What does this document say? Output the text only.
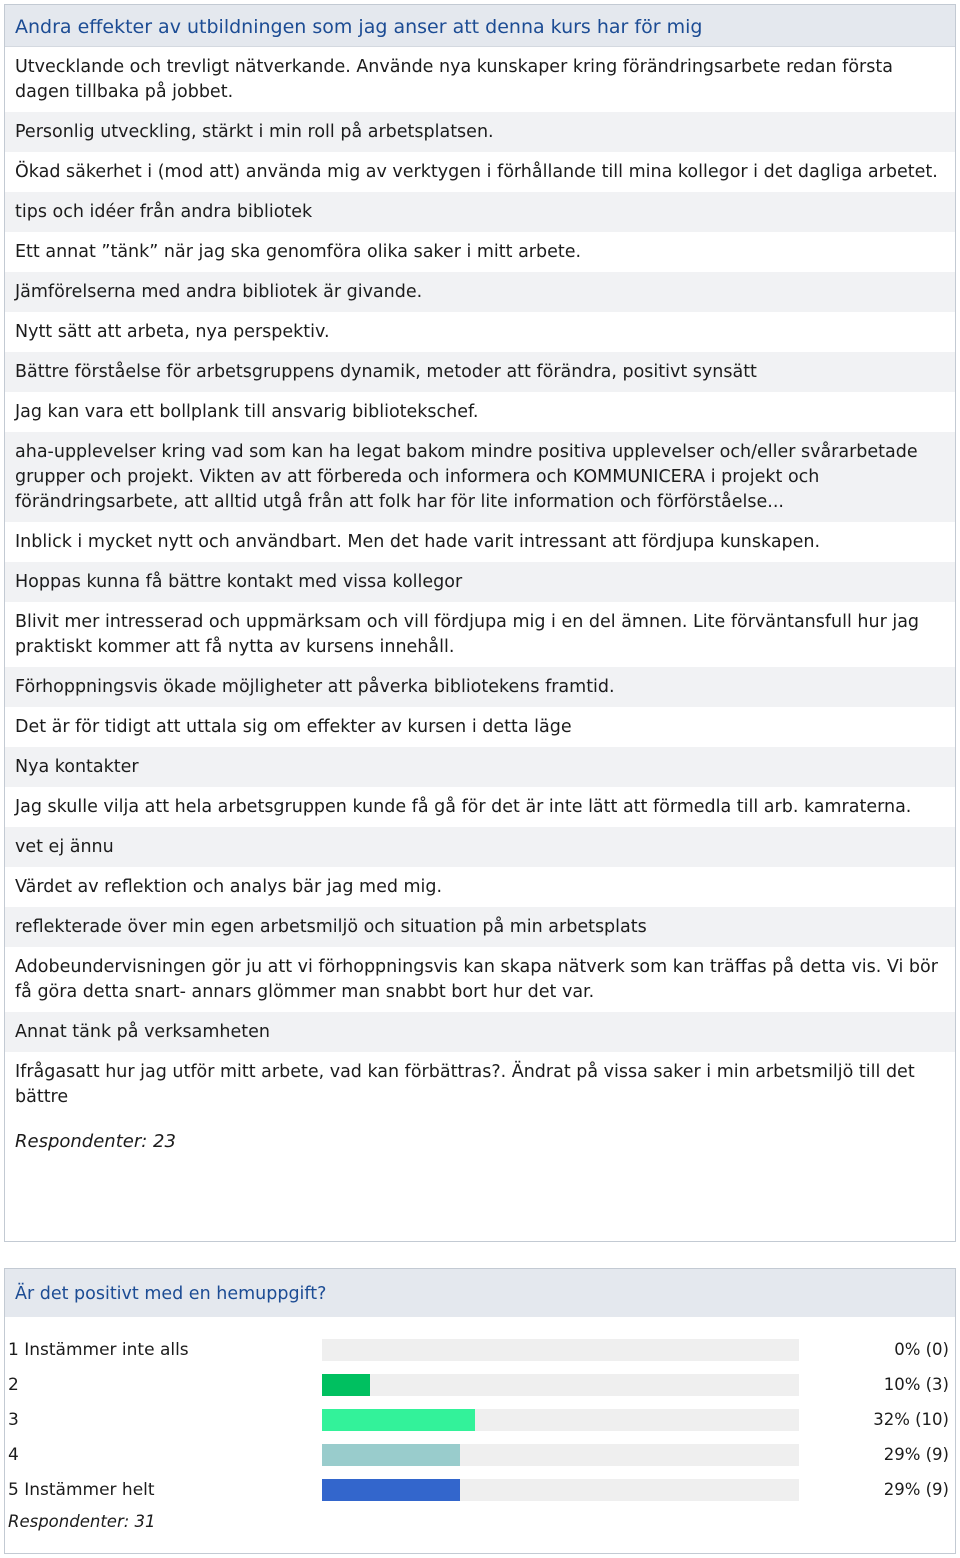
Andra effekter av utbildningen som jag anser att denna kurs har för mig
Utvecklande och trevligt nätverkande. Använde nya kunskaper kring förändringsarbete redan första dagen tillbaka på jobbet.
Personlig utveckling, stärkt i min roll på arbetsplatsen.
Ökad säkerhet i (mod att) använda mig av verktygen i förhållande till mina kollegor i det dagliga arbetet.
tips och idéer från andra bibliotek
Ett annat ”tänk” när jag ska genomföra olika saker i mitt arbete.
Jämförelserna med andra bibliotek är givande.
Nytt sätt att arbeta, nya perspektiv.
Bättre förståelse för arbetsgruppens dynamik, metoder att förändra, positivt synsätt
Jag kan vara ett bollplank till ansvarig bibliotekschef.
aha-upplevelser kring vad som kan ha legat bakom mindre positiva upplevelser och/eller svårarbetade grupper och projekt. Vikten av att förbereda och informera och KOMMUNICERA i projekt och förändringsarbete, att alltid utgå från att folk har för lite information och förförståelse...
Inblick i mycket nytt och användbart. Men det hade varit intressant att fördjupa kunskapen.
Hoppas kunna få bättre kontakt med vissa kollegor
Blivit mer intresserad och uppmärksam och vill fördjupa mig i en del ämnen. Lite förväntansfull hur jag praktiskt kommer att få nytta av kursens innehåll.
Förhoppningsvis ökade möjligheter att påverka bibliotekens framtid.
Det är för tidigt att uttala sig om effekter av kursen i detta läge
Nya kontakter
Jag skulle vilja att hela arbetsgruppen kunde få gå för det är inte lätt att förmedla till arb. kamraterna.
vet ej ännu
Värdet av reflektion och analys bär jag med mig.
reflekterade över min egen arbetsmiljö och situation på min arbetsplats
Adobeundervisningen gör ju att vi förhoppningsvis kan skapa nätverk som kan träffas på detta vis. Vi bör få göra detta snart- annars glömmer man snabbt bort hur det var.
Annat tänk på verksamheten
Ifrågasatt hur jag utför mitt arbete, vad kan förbättras?. Ändrat på vissa saker i min arbetsmiljö till det bättre
Respondenter: 23
Är det positivt med en hemuppgift?
1 Instämmer inte alls	0% (0)
2	10% (3)
3	32% (10)
4	29% (9)
5 Instämmer helt	29% (9)
Respondenter: 31
